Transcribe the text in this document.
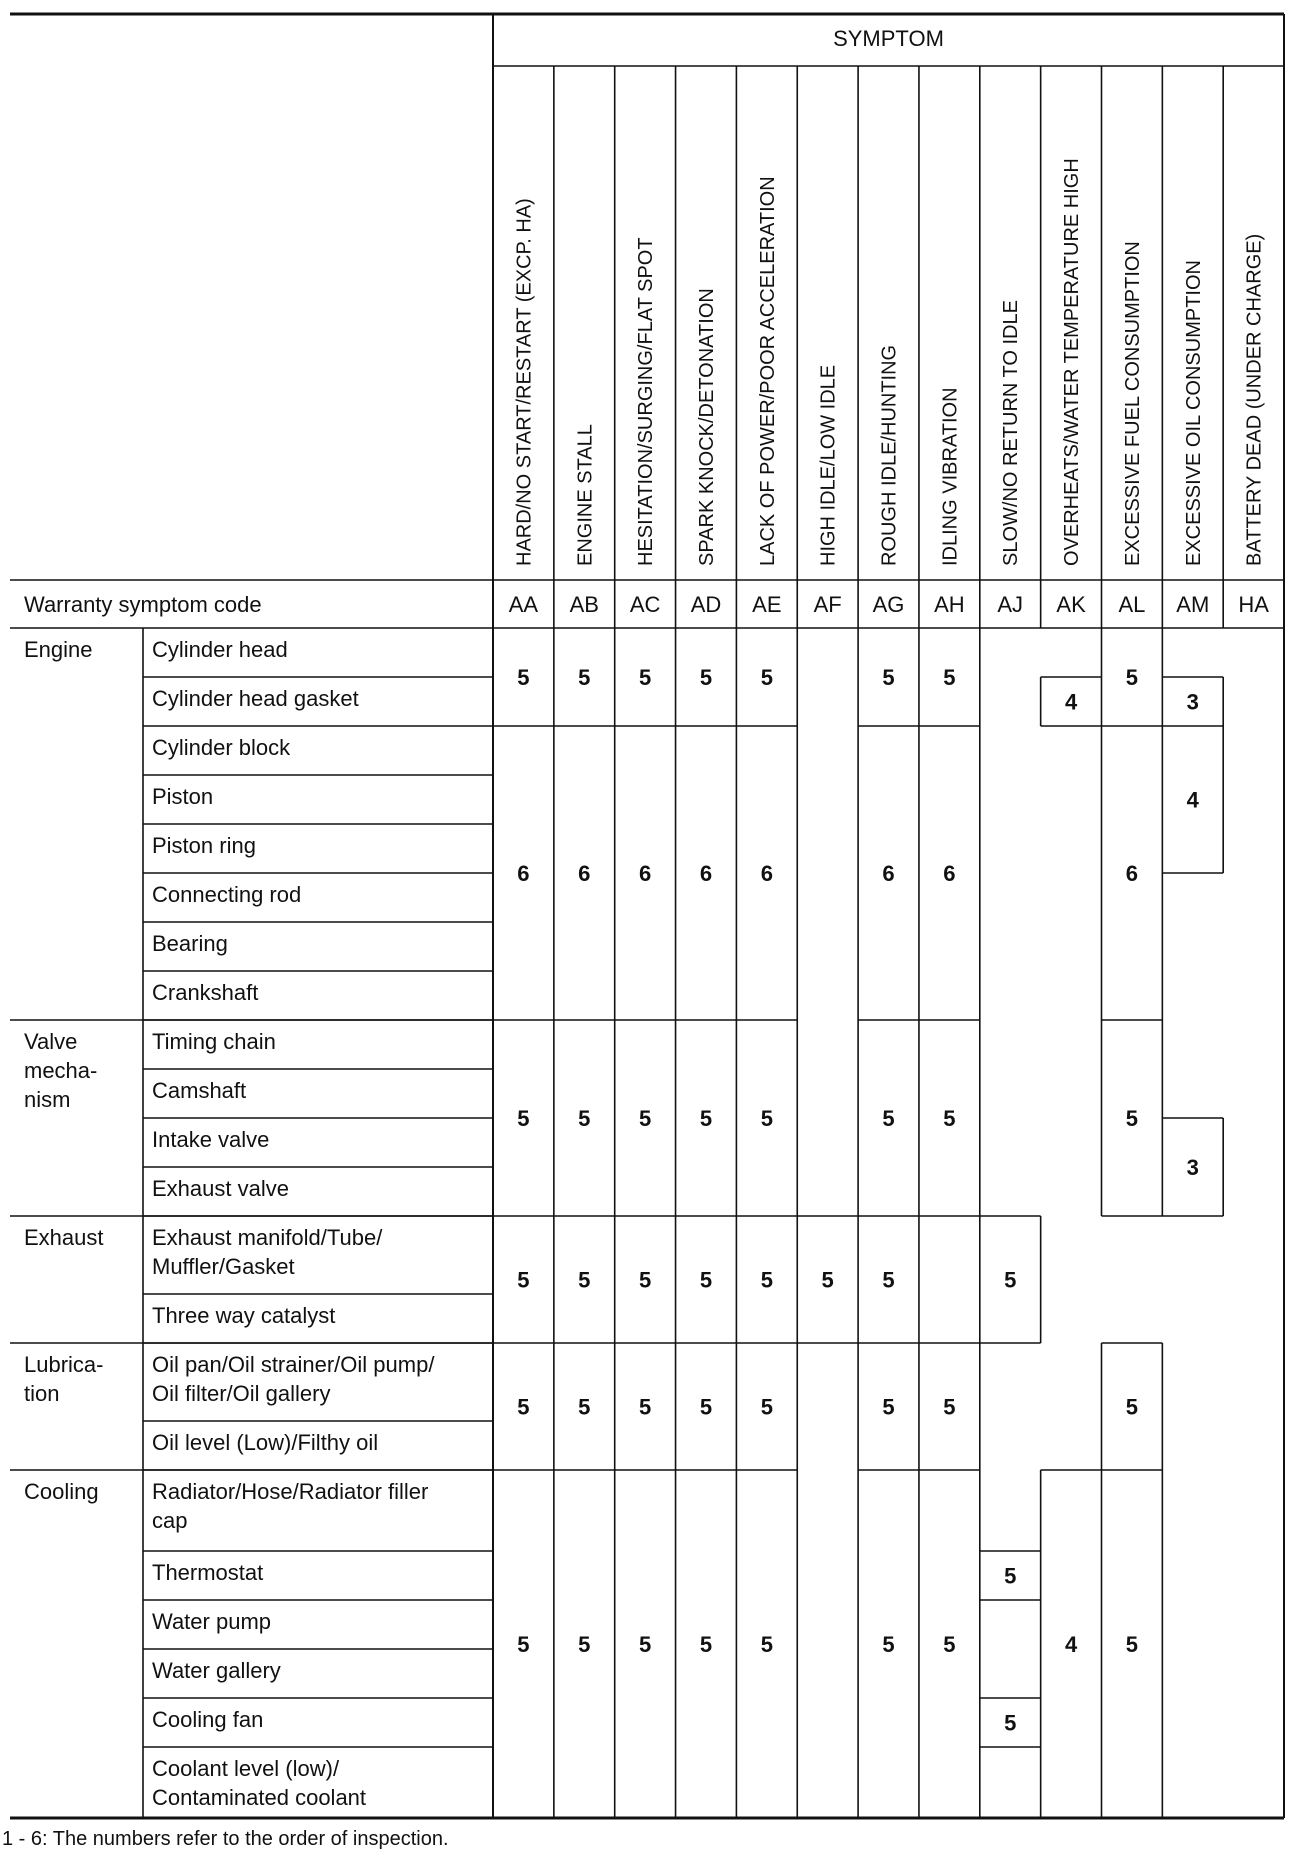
SYMPTOM
Warranty symptom code
HARD/NO START/RESTART (EXCP. HA)
AA
ENGINE STALL
AB
HESITATION/SURGING/FLAT SPOT
AC
SPARK KNOCK/DETONATION
AD
LACK OF POWER/POOR ACCELERATION
AE
HIGH IDLE/LOW IDLE
AF
ROUGH IDLE/HUNTING
AG
IDLING VIBRATION
AH
SLOW/NO RETURN TO IDLE
AJ
OVERHEATS/WATER TEMPERATURE HIGH
AK
EXCESSIVE FUEL CONSUMPTION
AL
EXCESSIVE OIL CONSUMPTION
AM
BATTERY DEAD (UNDER CHARGE)
HA
Engine
Valve
mecha-
nism
Exhaust
Lubrica-
tion
Cooling
Cylinder head
Cylinder head gasket
Cylinder block
Piston
Piston ring
Connecting rod
Bearing
Crankshaft
Timing chain
Camshaft
Intake valve
Exhaust valve
Exhaust manifold/Tube/
Muffler/Gasket
Three way catalyst
Oil pan/Oil strainer/Oil pump/
Oil filter/Oil gallery
Oil level (Low)/Filthy oil
Radiator/Hose/Radiator filler
cap
Thermostat
Water pump
Water gallery
Cooling fan
Coolant level (low)/
Contaminated coolant
5
6
5
5
5
5
5
6
5
5
5
5
5
6
5
5
5
5
5
6
5
5
5
5
5
6
5
5
5
5
5
5
6
5
5
5
5
5
6
5
5
5
5
5
5
4
4
5
6
5
5
5
3
4
3
1 - 6: The numbers refer to the order of inspection.
